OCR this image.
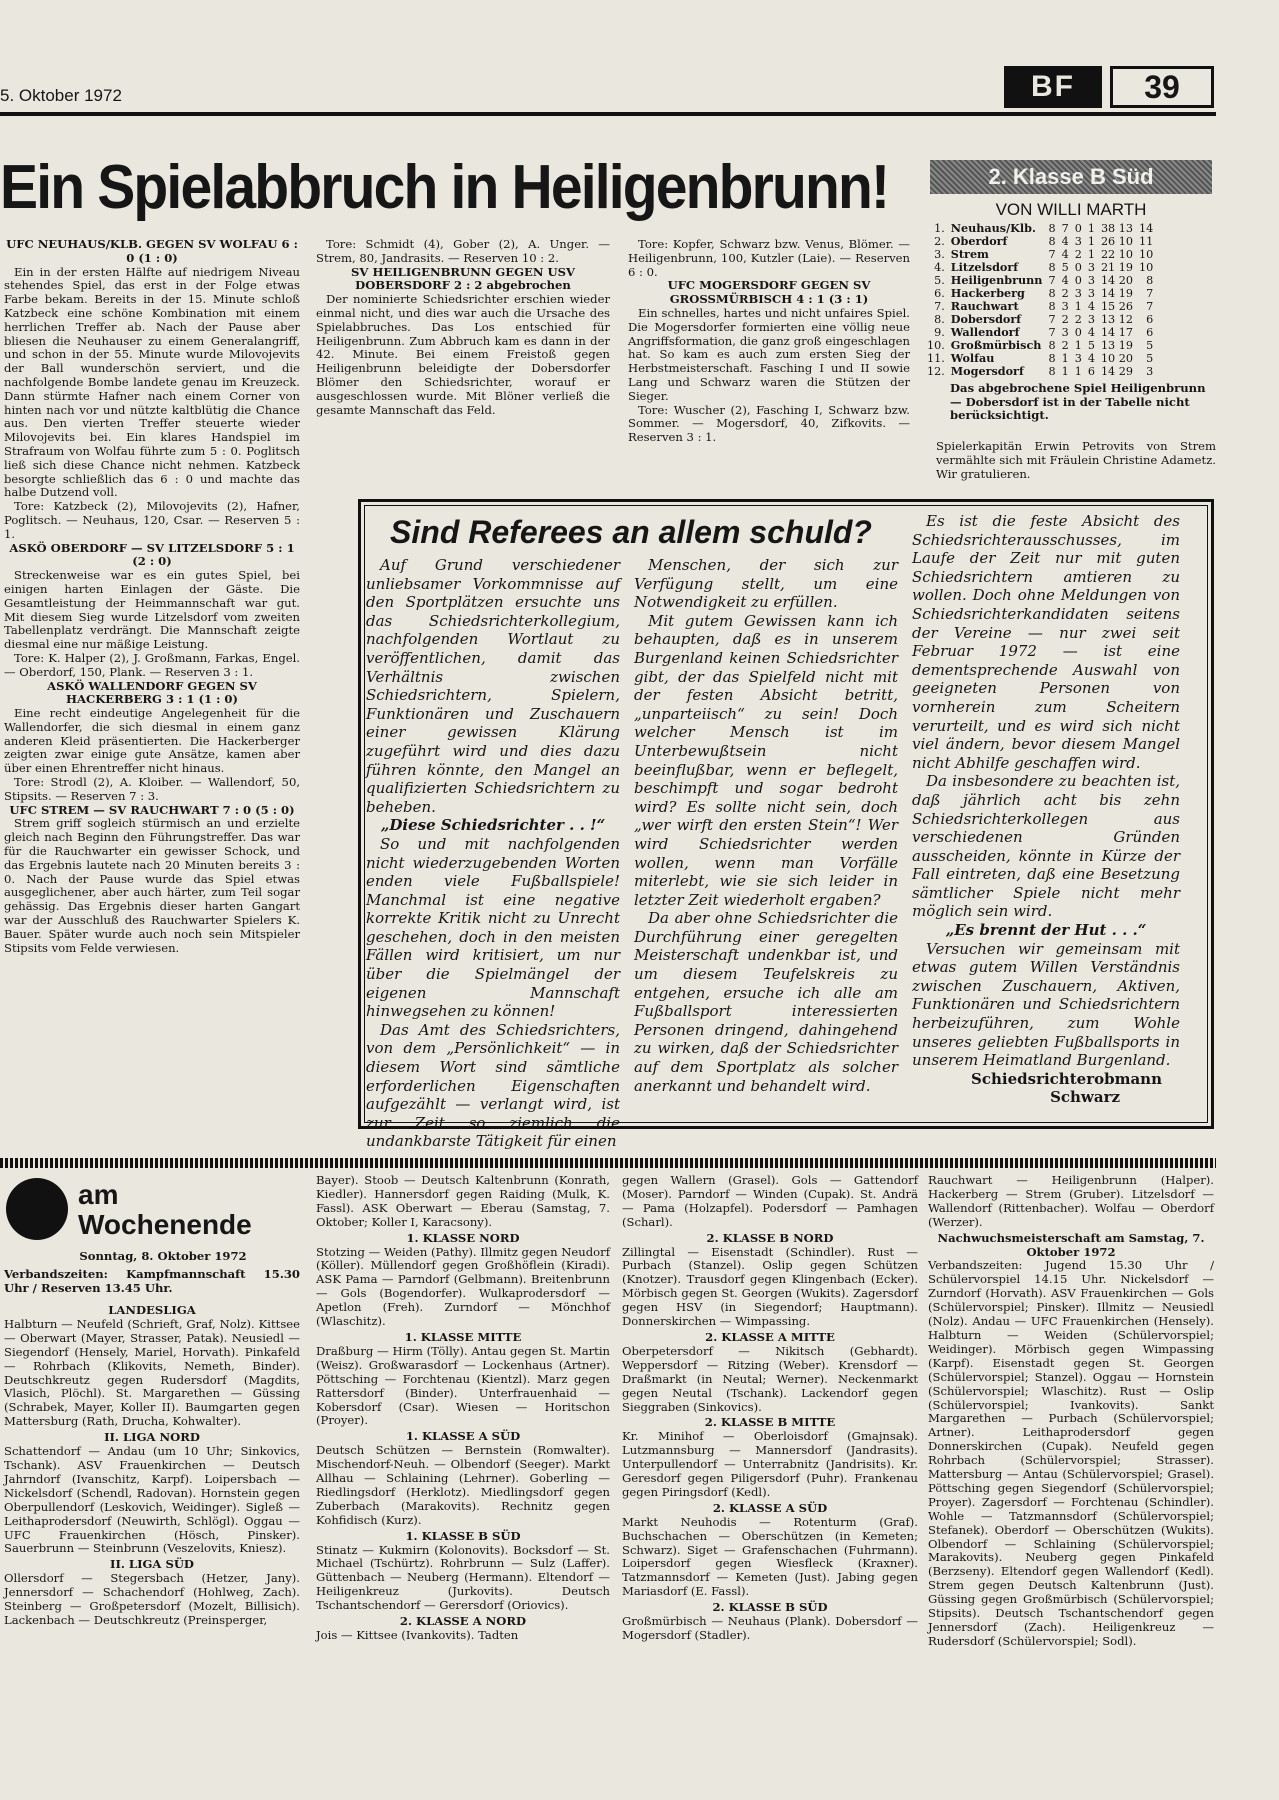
5. Oktober 1972	BF	39
Ein Spielabbruch in Heiligenbrunn!	2. Klasse B Süd
VON WILLI MARTH
UFC NEUHAUS/KLB. GEGEN SV WOLFAU 6 : 0 (1 : 0)

Ein in der ersten Hälfte auf niedrigem Niveau stehendes Spiel, das erst in der Folge etwas Farbe bekam. Bereits in der 15. Minute schloß Katzbeck eine schöne Kombination mit einem herrlichen Treffer ab. Nach der Pause aber bliesen die Neuhauser zu einem Generalangriff, und schon in der 55. Minute wurde Milovojevits der Ball wunderschön serviert, und die nachfolgende Bombe landete genau im Kreuzeck. Dann stürmte Hafner nach einem Corner von hinten nach vor und nützte kaltblütig die Chance aus. Den vierten Treffer steuerte wieder Milovojevits bei. Ein klares Handspiel im Strafraum von Wolfau führte zum 5 : 0. Poglitsch ließ sich diese Chance nicht nehmen. Katzbeck besorgte schließlich das 6 : 0 und machte das halbe Dutzend voll.

Tore: Katzbeck (2), Milovojevits (2), Hafner, Poglitsch. — Neuhaus, 120, Csar. — Reserven 5 : 1.

ASKÖ OBERDORF — SV LITZELSDORF 5 : 1 (2 : 0)

Streckenweise war es ein gutes Spiel, bei einigen harten Einlagen der Gäste. Die Gesamtleistung der Heimmannschaft war gut. Mit diesem Sieg wurde Litzelsdorf vom zweiten Tabellenplatz verdrängt. Die Mannschaft zeigte diesmal eine nur mäßige Leistung.

Tore: K. Halper (2), J. Großmann, Farkas, Engel. — Oberdorf, 150, Plank. — Reserven 3 : 1.

ASKÖ WALLENDORF GEGEN SV HACKERBERG 3 : 1 (1 : 0)

Eine recht eindeutige Angelegenheit für die Wallendorfer, die sich diesmal in einem ganz anderen Kleid präsentierten. Die Hackerberger zeigten zwar einige gute Ansätze, kamen aber über einen Ehrentreffer nicht hinaus.

Tore: Strodl (2), A. Kloiber. — Wallendorf, 50, Stipsits. — Reserven 7 : 3.

UFC STREM — SV RAUCHWART 7 : 0 (5 : 0)

Strem griff sogleich stürmisch an und erzielte gleich nach Beginn den Führungstreffer. Das war für die Rauchwarter ein gewisser Schock, und das Ergebnis lautete nach 20 Minuten bereits 3 : 0. Nach der Pause wurde das Spiel etwas ausgeglichener, aber auch härter, zum Teil sogar gehässig. Das Ergebnis dieser harten Gangart war der Ausschluß des Rauchwarter Spielers K. Bauer. Später wurde auch noch sein Mitspieler Stipsits vom Felde verwiesen.

Tore: Schmidt (4), Gober (2), A. Unger. — Strem, 80, Jandrasits. — Reserven 10 : 2.

SV HEILIGENBRUNN GEGEN USV DOBERSDORF 2 : 2 abgebrochen

Der nominierte Schiedsrichter erschien wieder einmal nicht, und dies war auch die Ursache des Spielabbruches. Das Los entschied für Heiligenbrunn. Zum Abbruch kam es dann in der 42. Minute. Bei einem Freistoß gegen Heiligenbrunn beleidigte der Dobersdorfer Blömer den Schiedsrichter, worauf er ausgeschlossen wurde. Mit Blöner verließ die gesamte Mannschaft das Feld.

Tore: Kopfer, Schwarz bzw. Venus, Blömer. — Heiligenbrunn, 100, Kutzler (Laie). — Reserven 6 : 0.

UFC MOGERSDORF GEGEN SV GROSSMÜRBISCH 4 : 1 (3 : 1)

Ein schnelles, hartes und nicht unfaires Spiel. Die Mogersdorfer formierten eine völlig neue Angriffsformation, die ganz groß eingeschlagen hat. So kam es auch zum ersten Sieg der Herbstmeisterschaft. Fasching I und II sowie Lang und Schwarz waren die Stützen der Sieger.

Tore: Wuscher (2), Fasching I, Schwarz bzw. Sommer. — Mogersdorf, 40, Zifkovits. — Reserven 3 : 1.

1.	Neuhaus/Klb.	8	7	0	1	38 13	14
2.	Oberdorf	8	4	3	1	26 10	11
3.	Strem	7	4	2	1	22 10	10
4.	Litzelsdorf	8	5	0	3	21 19	10
5.	Heiligenbrunn	7	4	0	3	14 20	8
6.	Hackerberg	8	2	3	3	14 19	7
7.	Rauchwart	8	3	1	4	15 26	7
8.	Dobersdorf	7	2	2	3	13 12	6
9.	Wallendorf	7	3	0	4	14 17	6
10.	Großmürbisch	8	2	1	5	13 19	5
11.	Wolfau	8	1	3	4	10 20	5
12.	Mogersdorf	8	1	1	6	14 29	3
Das abgebrochene Spiel Heiligenbrunn — Dobersdorf ist in der Tabelle nicht berücksichtigt.
Spielerkapitän Erwin Petrovits von Strem vermählte sich mit Fräulein Christine Adametz. Wir gratulieren.
Sind Referees an allem schuld?

Auf Grund verschiedener unliebsamer Vorkommnisse auf den Sportplätzen ersuchte uns das Schiedsrichterkollegium, nachfolgenden Wortlaut zu veröffentlichen, damit das Verhältnis zwischen Schiedsrichtern, Spielern, Funktionären und Zuschauern einer gewissen Klärung zugeführt wird und dies dazu führen könnte, den Mangel an qualifizierten Schiedsrichtern zu beheben.

„Diese Schiedsrichter . . !“

So und mit nachfolgenden nicht wiederzugebenden Worten enden viele Fußballspiele! Manchmal ist eine negative korrekte Kritik nicht zu Unrecht geschehen, doch in den meisten Fällen wird kritisiert, um nur über die Spielmängel der eigenen Mannschaft hinwegsehen zu können!

Das Amt des Schiedsrichters, von dem „Persönlichkeit“ — in diesem Wort sind sämtliche erforderlichen Eigenschaften aufgezählt — verlangt wird, ist zur Zeit so ziemlich die undankbarste Tätigkeit für einen

Menschen, der sich zur Verfügung stellt, um eine Notwendigkeit zu erfüllen.

Mit gutem Gewissen kann ich behaupten, daß es in unserem Burgenland keinen Schiedsrichter gibt, der das Spielfeld nicht mit der festen Absicht betritt, „unparteiisch“ zu sein! Doch welcher Mensch ist im Unterbewußtsein nicht beeinflußbar, wenn er beflegelt, beschimpft und sogar bedroht wird? Es sollte nicht sein, doch „wer wirft den ersten Stein“! Wer wird Schiedsrichter werden wollen, wenn man Vorfälle miterlebt, wie sie sich leider in letzter Zeit wiederholt ergaben?

Da aber ohne Schiedsrichter die Durchführung einer geregelten Meisterschaft undenkbar ist, und um diesem Teufelskreis zu entgehen, ersuche ich alle am Fußballsport interessierten Personen dringend, dahingehend zu wirken, daß der Schiedsrichter auf dem Sportplatz als solcher anerkannt und behandelt wird.

Es ist die feste Absicht des Schiedsrichterausschusses, im Laufe der Zeit nur mit guten Schiedsrichtern amtieren zu wollen. Doch ohne Meldungen von Schiedsrichterkandidaten seitens der Vereine — nur zwei seit Februar 1972 — ist eine dementsprechende Auswahl von geeigneten Personen von vornherein zum Scheitern verurteilt, und es wird sich nicht viel ändern, bevor diesem Mangel nicht Abhilfe geschaffen wird.

Da insbesondere zu beachten ist, daß jährlich acht bis zehn Schiedsrichterkollegen aus verschiedenen Gründen ausscheiden, könnte in Kürze der Fall eintreten, daß eine Besetzung sämtlicher Spiele nicht mehr möglich sein wird.

„Es brennt der Hut . . .“

Versuchen wir gemeinsam mit etwas gutem Willen Verständnis zwischen Zuschauern, Aktiven, Funktionären und Schiedsrichtern herbeizuführen, zum Wohle unseres geliebten Fußballsports in unserem Heimatland Burgenland.

Schiedsrichterobmann

Schwarz

am
Wochenende
Sonntag, 8. Oktober 1972
Verbandszeiten: Kampfmannschaft 15.30 Uhr / Reserven 13.45 Uhr.
LANDESLIGA

Halbturn — Neufeld (Schrieft, Graf, Nolz). Kittsee — Oberwart (Mayer, Strasser, Patak). Neusiedl — Siegendorf (Hensely, Mariel, Horvath). Pinkafeld — Rohrbach (Klikovits, Nemeth, Binder). Deutschkreutz gegen Rudersdorf (Magdits, Vlasich, Plöchl). St. Margarethen — Güssing (Schrabek, Mayer, Koller II). Baumgarten gegen Mattersburg (Rath, Drucha, Kohwalter).

II. LIGA NORD

Schattendorf — Andau (um 10 Uhr; Sinkovics, Tschank). ASV Frauenkirchen — Deutsch Jahrndorf (Ivanschitz, Karpf). Loipersbach — Nickelsdorf (Schendl, Radovan). Hornstein gegen Oberpullendorf (Leskovich, Weidinger). Sigleß — Leithaprodersdorf (Neuwirth, Schlögl). Oggau — UFC Frauenkirchen (Hösch, Pinsker). Sauerbrunn — Steinbrunn (Veszelovits, Kniesz).

II. LIGA SÜD

Ollersdorf — Stegersbach (Hetzer, Jany). Jennersdorf — Schachendorf (Hohlweg, Zach). Steinberg — Großpetersdorf (Mozelt, Billisich). Lackenbach — Deutschkreutz (Preinsperger,

Bayer). Stoob — Deutsch Kaltenbrunn (Konrath, Kiedler). Hannersdorf gegen Raiding (Mulk, K. Fassl). ASK Oberwart — Eberau (Samstag, 7. Oktober; Koller I, Karacsony).

1. KLASSE NORD

Stotzing — Weiden (Pathy). Illmitz gegen Neudorf (Köller). Müllendorf gegen Großhöflein (Kiradi). ASK Pama — Parndorf (Gelbmann). Breitenbrunn — Gols (Bogendorfer). Wulkaprodersdorf — Apetlon (Freh). Zurndorf — Mönchhof (Wlaschitz).

1. KLASSE MITTE

Draßburg — Hirm (Tölly). Antau gegen St. Martin (Weisz). Großwarasdorf — Lockenhaus (Artner). Pöttsching — Forchtenau (Kientzl). Marz gegen Rattersdorf (Binder). Unterfrauenhaid — Kobersdorf (Csar). Wiesen — Horitschon (Proyer).

1. KLASSE A SÜD

Deutsch Schützen — Bernstein (Romwalter). Mischendorf-Neuh. — Olbendorf (Seeger). Markt Allhau — Schlaining (Lehrner). Goberling — Riedlingsdorf (Herklotz). Miedlingsdorf gegen Zuberbach (Marakovits). Rechnitz gegen Kohfidisch (Kurz).

1. KLASSE B SÜD

Stinatz — Kukmirn (Kolonovits). Bocksdorf — St. Michael (Tschürtz). Rohrbrunn — Sulz (Laffer). Güttenbach — Neuberg (Hermann). Eltendorf — Heiligenkreuz (Jurkovits). Deutsch Tschantschendorf — Gerersdorf (Oriovics).

2. KLASSE A NORD

Jois — Kittsee (Ivankovits). Tadten

gegen Wallern (Grasel). Gols — Gattendorf (Moser). Parndorf — Winden (Cupak). St. Andrä — Pama (Holzapfel). Podersdorf — Pamhagen (Scharl).

2. KLASSE B NORD

Zillingtal — Eisenstadt (Schindler). Rust — Purbach (Stanzel). Oslip gegen Schützen (Knotzer). Trausdorf gegen Klingenbach (Ecker). Mörbisch gegen St. Georgen (Wukits). Zagersdorf gegen HSV (in Siegendorf; Hauptmann). Donnerskirchen — Wimpassing.

2. KLASSE A MITTE

Oberpetersdorf — Nikitsch (Gebhardt). Weppersdorf — Ritzing (Weber). Krensdorf — Draßmarkt (in Neutal; Werner). Neckenmarkt gegen Neutal (Tschank). Lackendorf gegen Sieggraben (Sinkovics).

2. KLASSE B MITTE

Kr. Minihof — Oberloisdorf (Gmajnsak). Lutzmannsburg — Mannersdorf (Jandrasits). Unterpullendorf — Unterrabnitz (Jandrisits). Kr. Geresdorf gegen Piligersdorf (Puhr). Frankenau gegen Piringsdorf (Kedl).

2. KLASSE A SÜD

Markt Neuhodis — Rotenturm (Graf). Buchschachen — Oberschützen (in Kemeten; Schwarz). Siget — Grafenschachen (Fuhrmann). Loipersdorf gegen Wiesfleck (Kraxner). Tatzmannsdorf — Kemeten (Just). Jabing gegen Mariasdorf (E. Fassl).

2. KLASSE B SÜD

Großmürbisch — Neuhaus (Plank). Dobersdorf — Mogersdorf (Stadler).

Rauchwart — Heiligenbrunn (Halper). Hackerberg — Strem (Gruber). Litzelsdorf — Wallendorf (Rittenbacher). Wolfau — Oberdorf (Werzer).

Nachwuchsmeisterschaft am Samstag, 7. Oktober 1972

Verbandszeiten: Jugend 15.30 Uhr / Schülervorspiel 14.15 Uhr. Nickelsdorf — Zurndorf (Horvath). ASV Frauenkirchen — Gols (Schülervorspiel; Pinsker). Illmitz — Neusiedl (Nolz). Andau — UFC Frauenkirchen (Hensely). Halbturn — Weiden (Schülervorspiel; Weidinger). Mörbisch gegen Wimpassing (Karpf). Eisenstadt gegen St. Georgen (Schülervorspiel; Stanzel). Oggau — Hornstein (Schülervorspiel; Wlaschitz). Rust — Oslip (Schülervorspiel; Ivankovits). Sankt Margarethen — Purbach (Schülervorspiel; Artner). Leithaprodersdorf gegen Donnerskirchen (Cupak). Neufeld gegen Rohrbach (Schülervorspiel; Strasser). Mattersburg — Antau (Schülervorspiel; Grasel). Pöttsching gegen Siegendorf (Schülervorspiel; Proyer). Zagersdorf — Forchtenau (Schindler). Wohle — Tatzmannsdorf (Schülervorspiel; Stefanek). Oberdorf — Oberschützen (Wukits). Olbendorf — Schlaining (Schülervorspiel; Marakovits). Neuberg gegen Pinkafeld (Berzseny). Eltendorf gegen Wallendorf (Kedl). Strem gegen Deutsch Kaltenbrunn (Just). Güssing gegen Großmürbisch (Schülervorspiel; Stipsits). Deutsch Tschantschendorf gegen Jennersdorf (Zach). Heiligenkreuz — Rudersdorf (Schülervorspiel; Sodl).
